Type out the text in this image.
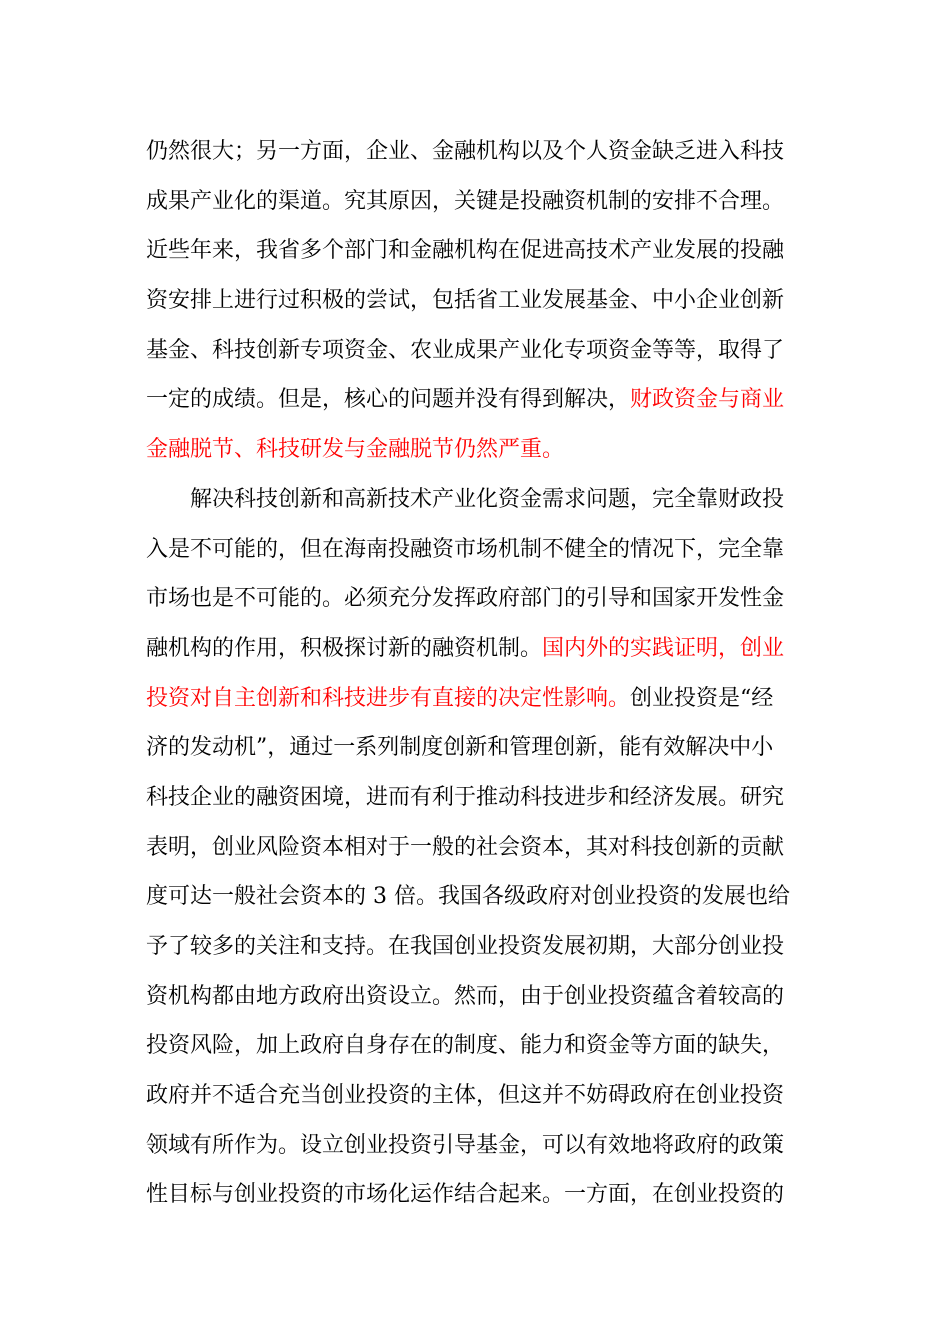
仍然很大；另一方面，企业、金融机构以及个人资金缺乏进入科技
成果产业化的渠道。究其原因，关键是投融资机制的安排不合理。
近些年来，我省多个部门和金融机构在促进高技术产业发展的投融
资安排上进行过积极的尝试，包括省工业发展基金、中小企业创新
基金、科技创新专项资金、农业成果产业化专项资金等等，取得了
一定的成绩。但是，核心的问题并没有得到解决，财政资金与商业
金融脱节、科技研发与金融脱节仍然严重。
　　解决科技创新和高新技术产业化资金需求问题，完全靠财政投
入是不可能的，但在海南投融资市场机制不健全的情况下，完全靠
市场也是不可能的。必须充分发挥政府部门的引导和国家开发性金
融机构的作用，积极探讨新的融资机制。国内外的实践证明，创业
投资对自主创新和科技进步有直接的决定性影响。创业投资是“经
济的发动机”，通过一系列制度创新和管理创新，能有效解决中小
科技企业的融资困境，进而有利于推动科技进步和经济发展。研究
表明，创业风险资本相对于一般的社会资本，其对科技创新的贡献
度可达一般社会资本的 3 倍。我国各级政府对创业投资的发展也给
予了较多的关注和支持。在我国创业投资发展初期，大部分创业投
资机构都由地方政府出资设立。然而，由于创业投资蕴含着较高的
投资风险，加上政府自身存在的制度、能力和资金等方面的缺失，
政府并不适合充当创业投资的主体，但这并不妨碍政府在创业投资
领域有所作为。设立创业投资引导基金，可以有效地将政府的政策
性目标与创业投资的市场化运作结合起来。一方面，在创业投资的
